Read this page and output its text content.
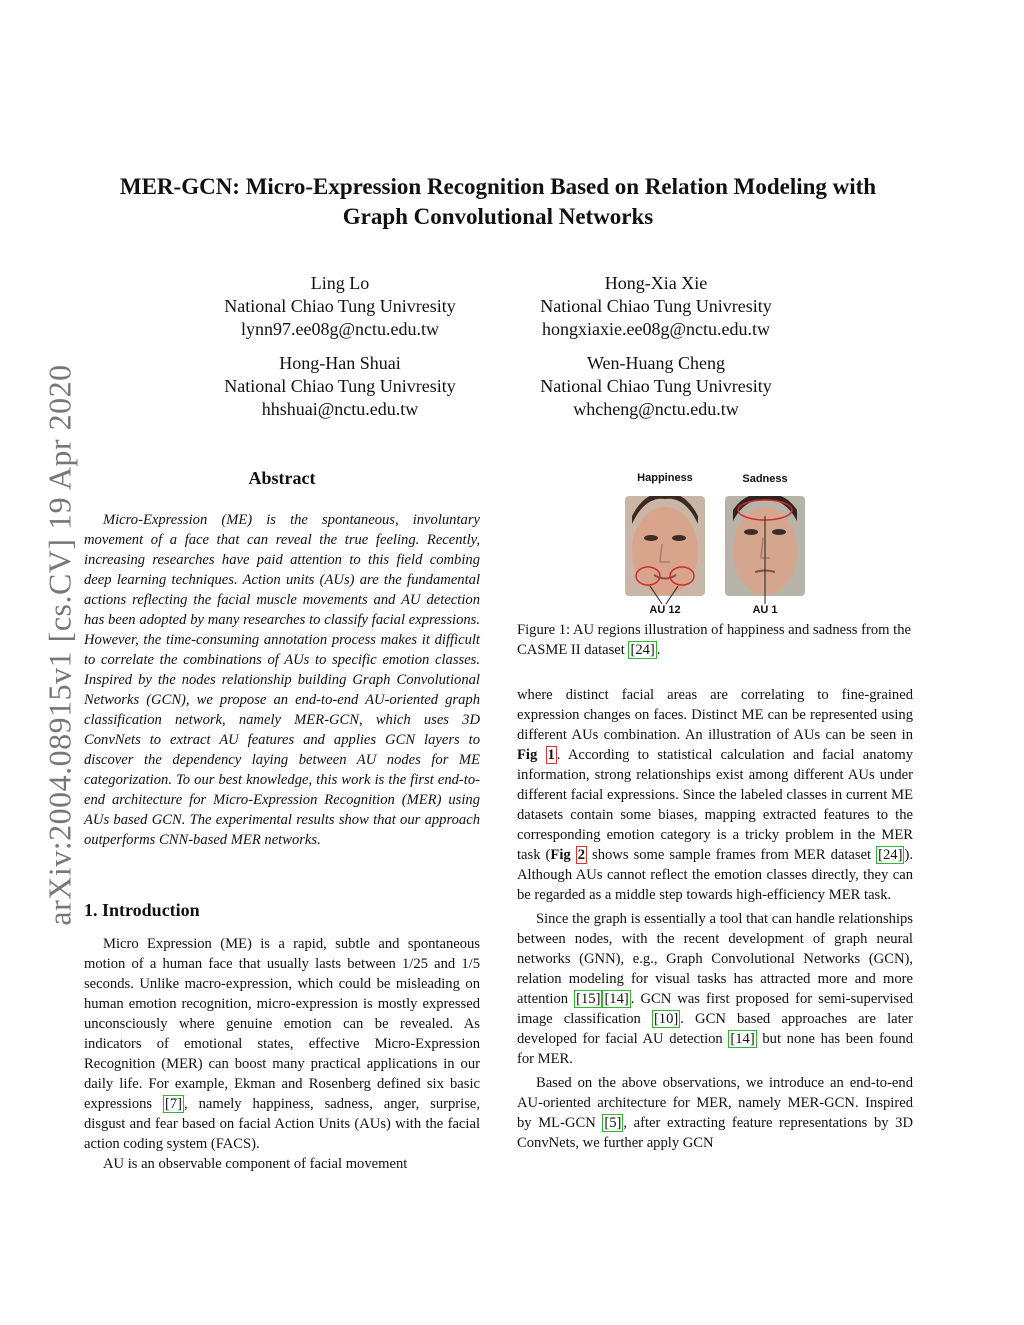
arXiv:2004.08915v1 [cs.CV] 19 Apr 2020
MER-GCN: Micro-Expression Recognition Based on Relation Modeling with
Graph Convolutional Networks
Ling Lo
National Chiao Tung Univresity
lynn97.ee08g@nctu.edu.tw
Hong-Xia Xie
National Chiao Tung Univresity
hongxiaxie.ee08g@nctu.edu.tw
Hong-Han Shuai
National Chiao Tung Univresity
hhshuai@nctu.edu.tw
Wen-Huang Cheng
National Chiao Tung Univresity
whcheng@nctu.edu.tw
Abstract
Micro-Expression (ME) is the spontaneous, involuntary movement of a face that can reveal the true feeling. Recently, increasing researches have paid attention to this field combing deep learning techniques. Action units (AUs) are the fundamental actions reflecting the facial muscle movements and AU detection has been adopted by many researches to classify facial expressions. However, the time-consuming annotation process makes it difficult to correlate the combinations of AUs to specific emotion classes. Inspired by the nodes relationship building Graph Convolutional Networks (GCN), we propose an end-to-end AU-oriented graph classification network, namely MER-GCN, which uses 3D ConvNets to extract AU features and applies GCN layers to discover the dependency laying between AU nodes for ME categorization. To our best knowledge, this work is the first end-to-end architecture for Micro-Expression Recognition (MER) using AUs based GCN. The experimental results show that our approach outperforms CNN-based MER networks.
1. Introduction

Micro Expression (ME) is a rapid, subtle and spontaneous motion of a human face that usually lasts between 1/25 and 1/5 seconds. Unlike macro-expression, which could be misleading on human emotion recognition, micro-expression is mostly expressed unconsciously where genuine emotion can be revealed. As indicators of emotional states, effective Micro-Expression Recognition (MER) can boost many practical applications in our daily life. For example, Ekman and Rosenberg defined six basic expressions [7] , namely happiness, sadness, anger, surprise, disgust and fear based on facial Action Units (AUs) with the facial action coding system (FACS).

AU is an observable component of facial movement

Happiness	Sadness
AU 12	AU 1
Figure 1: AU regions illustration of happiness and sadness from the CASME II dataset [24] .

where distinct facial areas are correlating to fine-grained expression changes on faces. Distinct ME can be represented using different AUs combination. An illustration of AUs can be seen in Fig 1 . According to statistical calculation and facial anatomy information, strong relationships exist among different AUs under different facial expressions. Since the labeled classes in current ME datasets contain some biases, mapping extracted features to the corresponding emotion category is a tricky problem in the MER task (Fig 2 shows some sample frames from MER dataset [24] ). Although AUs cannot reflect the emotion classes directly, they can be regarded as a middle step towards high-efficiency MER task.

Since the graph is essentially a tool that can handle relationships between nodes, with the recent development of graph neural networks (GNN), e.g., Graph Convolutional Networks (GCN), relation modeling for visual tasks has attracted more and more attention [15] [14] . GCN was first proposed for semi-supervised image classification [10] . GCN based approaches are later developed for facial AU detection [14] but none has been found for MER.

Based on the above observations, we introduce an end-to-end AU-oriented architecture for MER, namely MER-GCN. Inspired by ML-GCN [5] , after extracting feature representations by 3D ConvNets, we further apply GCN
